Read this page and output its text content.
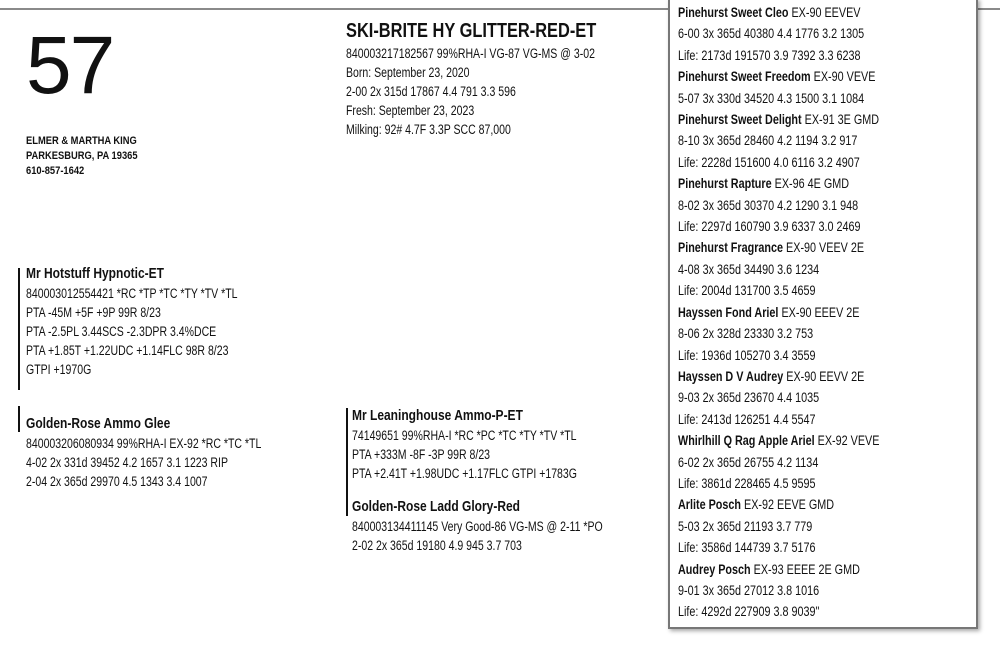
57
ELMER & MARTHA KING
PARKESBURG, PA 19365
610-857-1642
SKI-BRITE HY GLITTER-RED-ET
840003217182567 99%RHA-I VG-87 VG-MS @ 3-02
Born: September 23, 2020
2-00 2x 315d 17867 4.4 791 3.3 596
Fresh: September 23, 2023
Milking: 92# 4.7F 3.3P SCC 87,000
Mr Hotstuff Hypnotic-ET
840003012554421 *RC *TP *TC *TY *TV *TL
PTA -45M +5F +9P 99R 8/23
PTA -2.5PL 3.44SCS -2.3DPR 3.4%DCE
PTA +1.85T +1.22UDC +1.14FLC 98R 8/23
GTPI +1970G
Golden-Rose Ammo Glee
840003206080934 99%RHA-I EX-92 *RC *TC *TL
4-02 2x 331d 39452 4.2 1657 3.1 1223 RIP
2-04 2x 365d 29970 4.5 1343 3.4 1007
Mr Leaninghouse Ammo-P-ET
74149651 99%RHA-I *RC *PC *TC *TY *TV *TL
PTA +333M -8F -3P 99R 8/23
PTA +2.41T +1.98UDC +1.17FLC GTPI +1783G
Golden-Rose Ladd Glory-Red
840003134411145 Very Good-86 VG-MS @ 2-11 *PO
2-02 2x 365d 19180 4.9 945 3.7 703
Pinehurst Sweet Cleo EX-90 EEVEV
6-00 3x 365d 40380 4.4 1776 3.2 1305
Life: 2173d 191570 3.9 7392 3.3 6238
Pinehurst Sweet Freedom EX-90 VEVE
5-07 3x 330d 34520 4.3 1500 3.1 1084
Pinehurst Sweet Delight EX-91 3E GMD
8-10 3x 365d 28460 4.2 1194 3.2 917
Life: 2228d 151600 4.0 6116 3.2 4907
Pinehurst Rapture EX-96 4E GMD
8-02 3x 365d 30370 4.2 1290 3.1 948
Life: 2297d 160790 3.9 6337 3.0 2469
Pinehurst Fragrance EX-90 VEEV 2E
4-08 3x 365d 34490 3.6 1234
Life: 2004d 131700 3.5 4659
Hayssen Fond Ariel EX-90 EEEV 2E
8-06 2x 328d 23330 3.2 753
Life: 1936d 105270 3.4 3559
Hayssen D V Audrey EX-90 EEVV 2E
9-03 2x 365d 23670 4.4 1035
Life: 2413d 126251 4.4 5547
Whirlhill Q Rag Apple Ariel EX-92 VEVE
6-02 2x 365d 26755 4.2 1134
Life: 3861d 228465 4.5 9595
Arlite Posch EX-92 EEVE GMD
5-03 2x 365d 21193 3.7 779
Life: 3586d 144739 3.7 5176
Audrey Posch EX-93 EEEE 2E GMD
9-01 3x 365d 27012 3.8 1016
Life: 4292d 227909 3.8 9039"
